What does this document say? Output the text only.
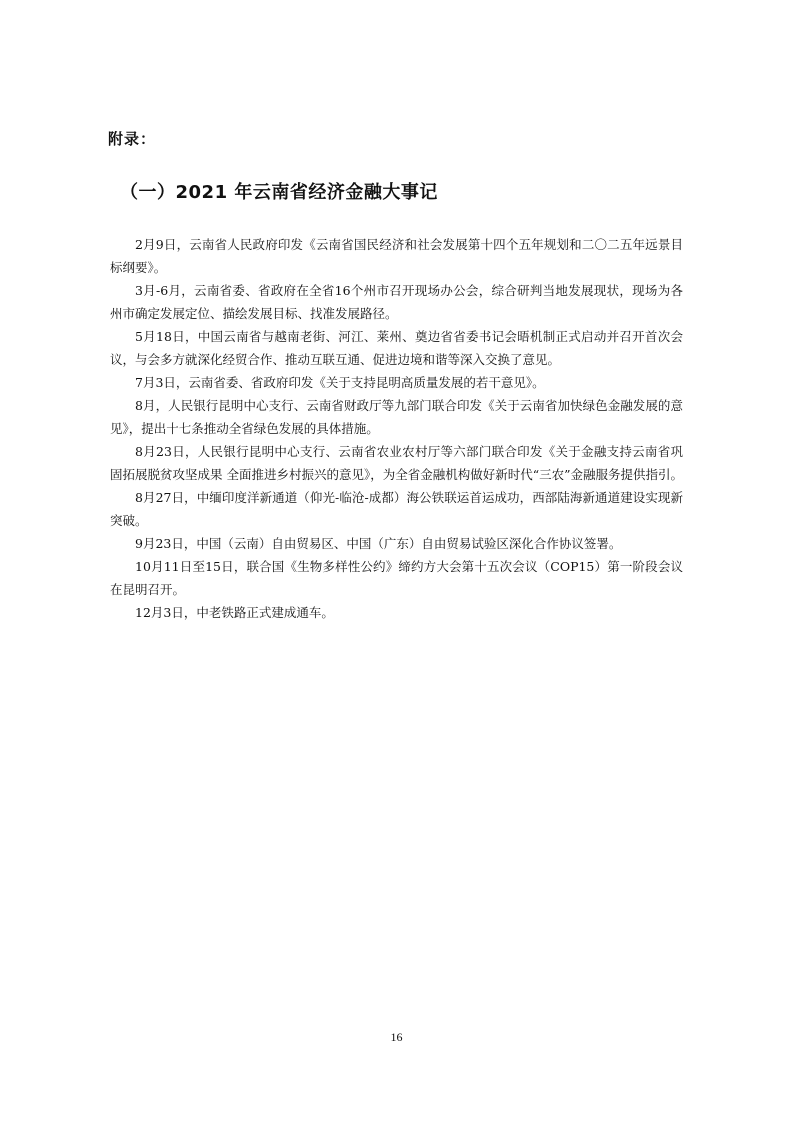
附录：
（一）2021 年云南省经济金融大事记

2月9日，云南省人民政府印发《云南省国民经济和社会发展第十四个五年规划和二〇二五年远景目标纲要》。

3月-6月，云南省委、省政府在全省16个州市召开现场办公会，综合研判当地发展现状，现场为各州市确定发展定位、描绘发展目标、找准发展路径。

5月18日，中国云南省与越南老街、河江、莱州、奠边省省委书记会晤机制正式启动并召开首次会议，与会多方就深化经贸合作、推动互联互通、促进边境和谐等深入交换了意见。

7月3日，云南省委、省政府印发《关于支持昆明高质量发展的若干意见》。

8月，人民银行昆明中心支行、云南省财政厅等九部门联合印发《关于云南省加快绿色金融发展的意见》，提出十七条推动全省绿色发展的具体措施。

8月23日，人民银行昆明中心支行、云南省农业农村厅等六部门联合印发《关于金融支持云南省巩固拓展脱贫攻坚成果 全面推进乡村振兴的意见》，为全省金融机构做好新时代“三农”金融服务提供指引。

8月27日，中缅印度洋新通道（仰光-临沧-成都）海公铁联运首运成功，西部陆海新通道建设实现新突破。

9月23日，中国（云南）自由贸易区、中国（广东）自由贸易试验区深化合作协议签署。

10月11日至15日，联合国《生物多样性公约》缔约方大会第十五次会议（COP15）第一阶段会议在昆明召开。

12月3日，中老铁路正式建成通车。

16
